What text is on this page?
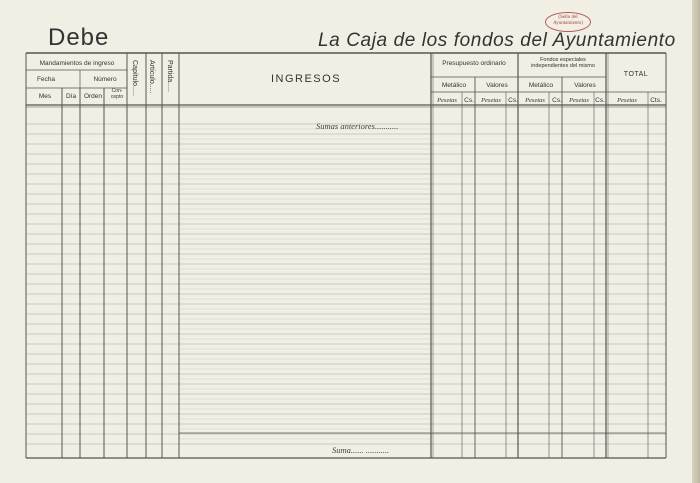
Debe	La Caja de los fondos del Ayuntamiento
(Sello del
Ayuntamiento)
Mandamientos de ingreso
Fecha	Número
Mes Día Orden
Con-
cepto
Capítulo..... Artículo..... Partida.....	INGRESOS
Presupuesto ordinario	Fondos especiales
independientes del mismo
TOTAL
Metálico	Valores	Metálico	Valores
Pesetas Cs. Pesetas Cs. Pesetas Cs. Pesetas Cs. Pesetas Cts.
Sumas anteriores...........
Suma...... ...........
